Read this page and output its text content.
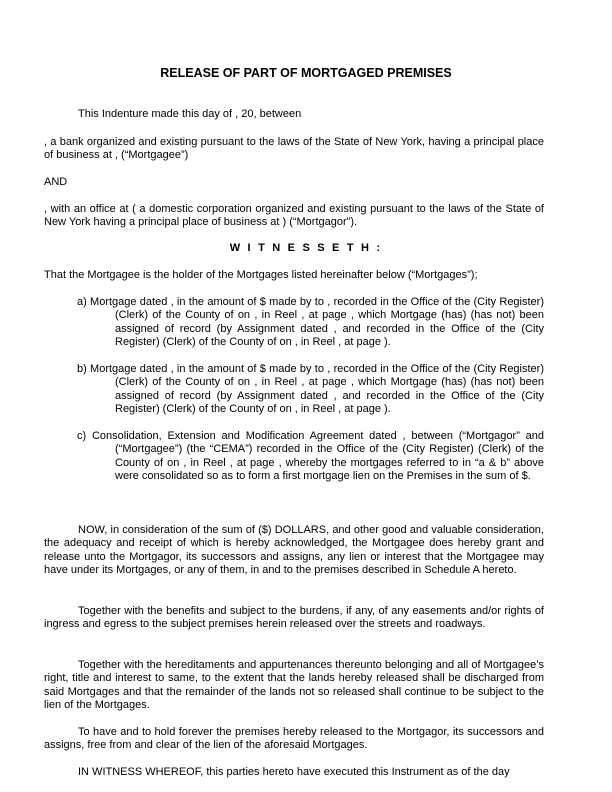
RELEASE OF PART OF MORTGAGED PREMISES
This Indenture made this day of , 20, between
, a bank organized and existing pursuant to the laws of the State of New York, having a principal place of business at , (“Mortgagee”)
AND
, with an office at ( a domestic corporation organized and existing pursuant to the laws of the State of New York having a principal place of business at ) (“Mortgagor”).
W I T N E S S E T H :
That the Mortgagee is the holder of the Mortgages listed hereinafter below (“Mortgages”);
a) Mortgage dated , in the amount of $ made by to , recorded in the Office of the (City Register) (Clerk) of the County of on , in Reel , at page , which Mortgage (has) (has not) been assigned of record (by Assignment dated , and recorded in the Office of the (City Register) (Clerk) of the County of on , in Reel , at page ).
b) Mortgage dated , in the amount of $ made by to , recorded in the Office of the (City Register) (Clerk) of the County of on , in Reel , at page , which Mortgage (has) (has not) been assigned of record (by Assignment dated , and recorded in the Office of the (City Register) (Clerk) of the County of on , in Reel , at page ).
c) Consolidation, Extension and Modification Agreement dated , between (“Mortgagor” and (“Mortgagee”) (the “CEMA”) recorded in the Office of the (City Register) (Clerk) of the County of on , in Reel , at page , whereby the mortgages referred to in “a & b” above were consolidated so as to form a first mortgage lien on the Premises in the sum of $.
NOW, in consideration of the sum of ($) DOLLARS, and other good and valuable consideration, the adequacy and receipt of which is hereby acknowledged, the Mortgagee does hereby grant and release unto the Mortgagor, its successors and assigns, any lien or interest that the Mortgagee may have under its Mortgages, or any of them, in and to the premises described in Schedule A hereto.
Together with the benefits and subject to the burdens, if any, of any easements and/or rights of ingress and egress to the subject premises herein released over the streets and roadways.
Together with the hereditaments and appurtenances thereunto belonging and all of Mortgagee’s right, title and interest to same, to the extent that the lands hereby released shall be discharged from said Mortgages and that the remainder of the lands not so released shall continue to be subject to the lien of the Mortgages.
To have and to hold forever the premises hereby released to the Mortgagor, its successors and assigns, free from and clear of the lien of the aforesaid Mortgages.
IN WITNESS WHEREOF, this parties hereto have executed this Instrument as of the day
